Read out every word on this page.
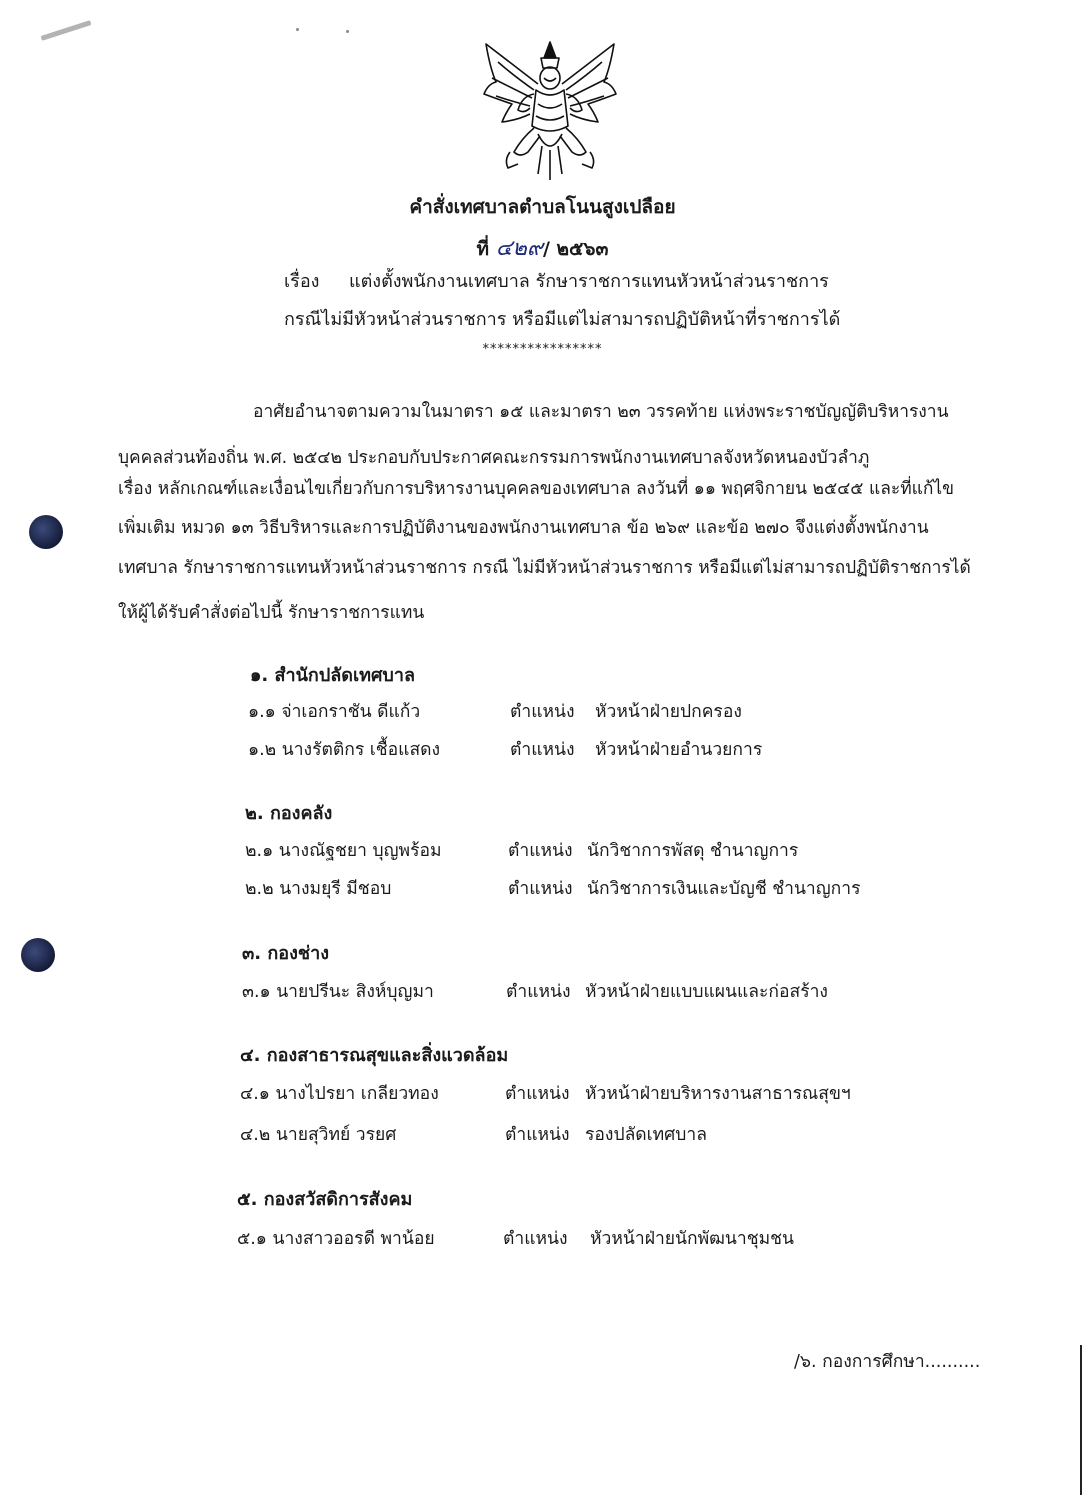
คำสั่งเทศบาลตำบลโนนสูงเปลือย
ที่ ๔๒๙/ ๒๕๖๓
เรื่อง แต่งตั้งพนักงานเทศบาล รักษาราชการแทนหัวหน้าส่วนราชการ
กรณีไม่มีหัวหน้าส่วนราชการ หรือมีแต่ไม่สามารถปฏิบัติหน้าที่ราชการได้
****************
อาศัยอำนาจตามความในมาตรา ๑๕ และมาตรา ๒๓ วรรคท้าย แห่งพระราชบัญญัติบริหารงาน
บุคคลส่วนท้องถิ่น พ.ศ. ๒๕๔๒ ประกอบกับประกาศคณะกรรมการพนักงานเทศบาลจังหวัดหนองบัวลำภู
เรื่อง หลักเกณฑ์และเงื่อนไขเกี่ยวกับการบริหารงานบุคคลของเทศบาล ลงวันที่ ๑๑ พฤศจิกายน ๒๕๔๕ และที่แก้ไข
เพิ่มเติม หมวด ๑๓ วิธีบริหารและการปฏิบัติงานของพนักงานเทศบาล ข้อ ๒๖๙ และข้อ ๒๗๐ จึงแต่งตั้งพนักงาน
เทศบาล รักษาราชการแทนหัวหน้าส่วนราชการ กรณี ไม่มีหัวหน้าส่วนราชการ หรือมีแต่ไม่สามารถปฏิบัติราชการได้
ให้ผู้ได้รับคำสั่งต่อไปนี้ รักษาราชการแทน
๑. สำนักปลัดเทศบาล
๑.๑ จ่าเอกราชัน ดีแก้ว	ตำแหน่ง หัวหน้าฝ่ายปกครอง
๑.๒ นางรัตติกร เชื้อแสดง	ตำแหน่ง หัวหน้าฝ่ายอำนวยการ
๒. กองคลัง
๒.๑ นางณัฐชยา บุญพร้อม	ตำแหน่ง นักวิชาการพัสดุ ชำนาญการ
๒.๒ นางมยุรี มีชอบ	ตำแหน่ง นักวิชาการเงินและบัญชี ชำนาญการ
๓. กองช่าง
๓.๑ นายปรีนะ สิงห์บุญมา	ตำแหน่ง หัวหน้าฝ่ายแบบแผนและก่อสร้าง
๔. กองสาธารณสุขและสิ่งแวดล้อม
๔.๑ นางไปรยา เกลียวทอง	ตำแหน่ง หัวหน้าฝ่ายบริหารงานสาธารณสุขฯ
๔.๒ นายสุวิทย์ วรยศ	ตำแหน่ง รองปลัดเทศบาล
๕. กองสวัสดิการสังคม
๕.๑ นางสาวออรดี พาน้อย	ตำแหน่ง หัวหน้าฝ่ายนักพัฒนาชุมชน
/๖. กองการศึกษา..........
